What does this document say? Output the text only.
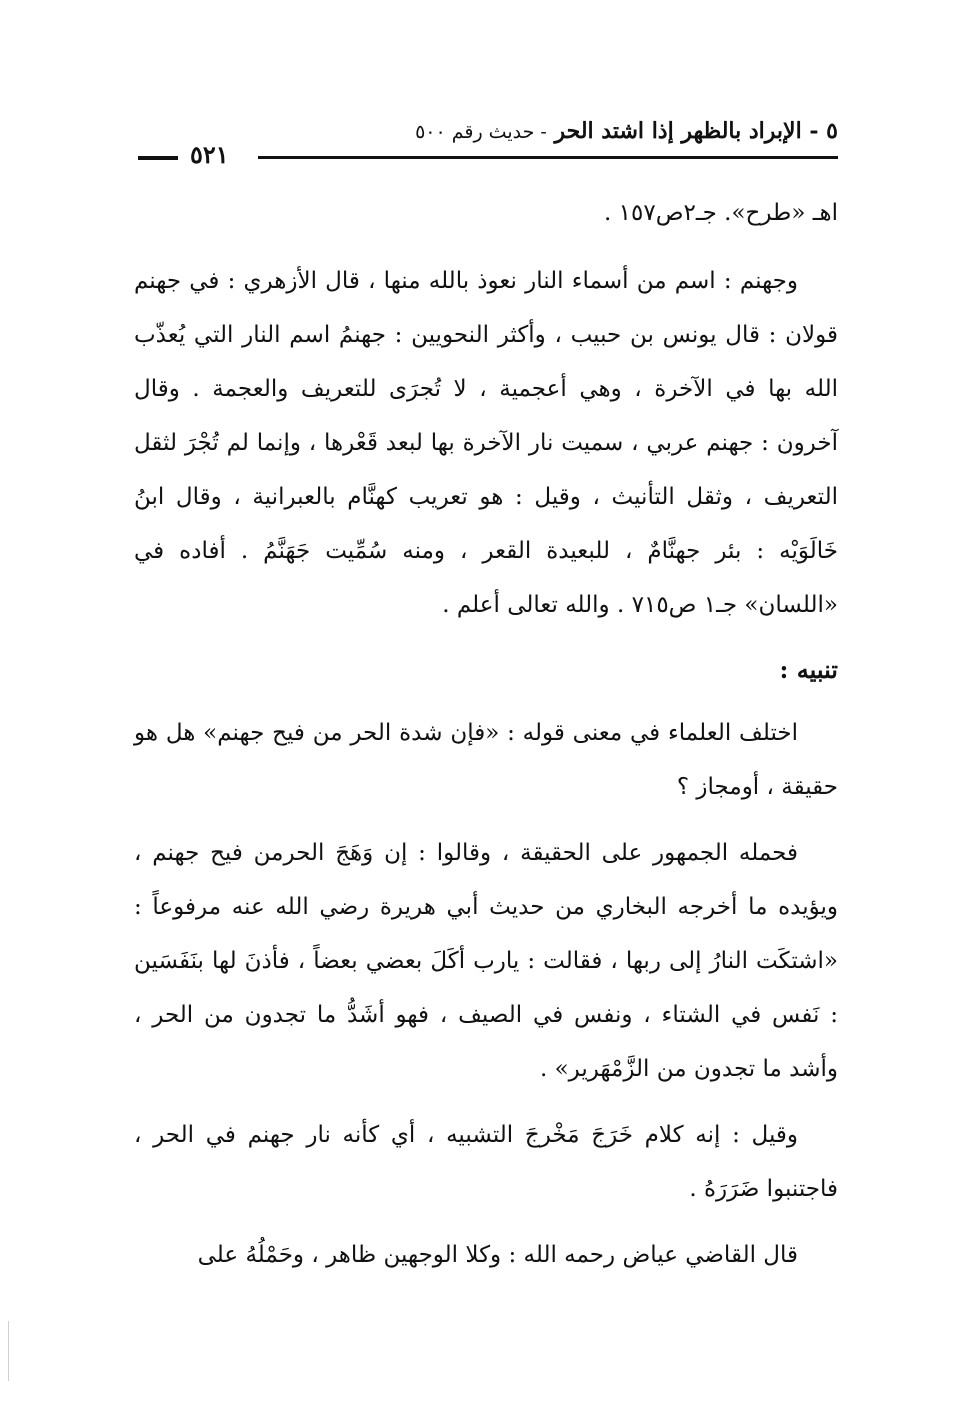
٥ - الإبراد بالظهر إذا اشتد الحر - حديث رقم ٥٠٠
٥٢١

اهـ «طرح». جـ٢ص١٥٧ .

وجهنم : اسم من أسماء النار نعوذ بالله منها ، قال الأزهري : في جهنم قولان : قال يونس بن حبيب ، وأكثر النحويين : جهنمُ اسم النار التي يُعذّب الله بها في الآخرة ، وهي أعجمية ، لا تُجرَى للتعريف والعجمة . وقال آخرون : جهنم عربي ، سميت نار الآخرة بها لبعد قَعْرها ، وإنما لم تُجْرَ لثقل التعريف ، وثقل التأنيث ، وقيل : هو تعريب كهنَّام بالعبرانية ، وقال ابنُ خَالَوَيْه : بئر جهنَّامٌ ، للبعيدة القعر ، ومنه سُمِّيت جَهَنَّمُ . أفاده في «اللسان» جـ١ ص٧١٥ . والله تعالى أعلم .

تنبيه :

اختلف العلماء في معنى قوله : «فإن شدة الحر من فيح جهنم» هل هو حقيقة ، أومجاز ؟

فحمله الجمهور على الحقيقة ، وقالوا : إن وَهَجَ الحرمن فيح جهنم ، ويؤيده ما أخرجه البخاري من حديث أبي هريرة رضي الله عنه مرفوعاً : «اشتكَت النارُ إلى ربها ، فقالت : يارب أكَلَ بعضي بعضاً ، فأذنَ لها بنَفَسَين : نَفس في الشتاء ، ونفس في الصيف ، فهو أشَدُّ ما تجدون من الحر ، وأشد ما تجدون من الزَّمْهَرير» .

وقيل : إنه كلام خَرَجَ مَخْرجَ التشبيه ، أي كأنه نار جهنم في الحر ، فاجتنبوا ضَرَرَهُ .

قال القاضي عياض رحمه الله : وكلا الوجهين ظاهر ، وحَمْلُهُ على
